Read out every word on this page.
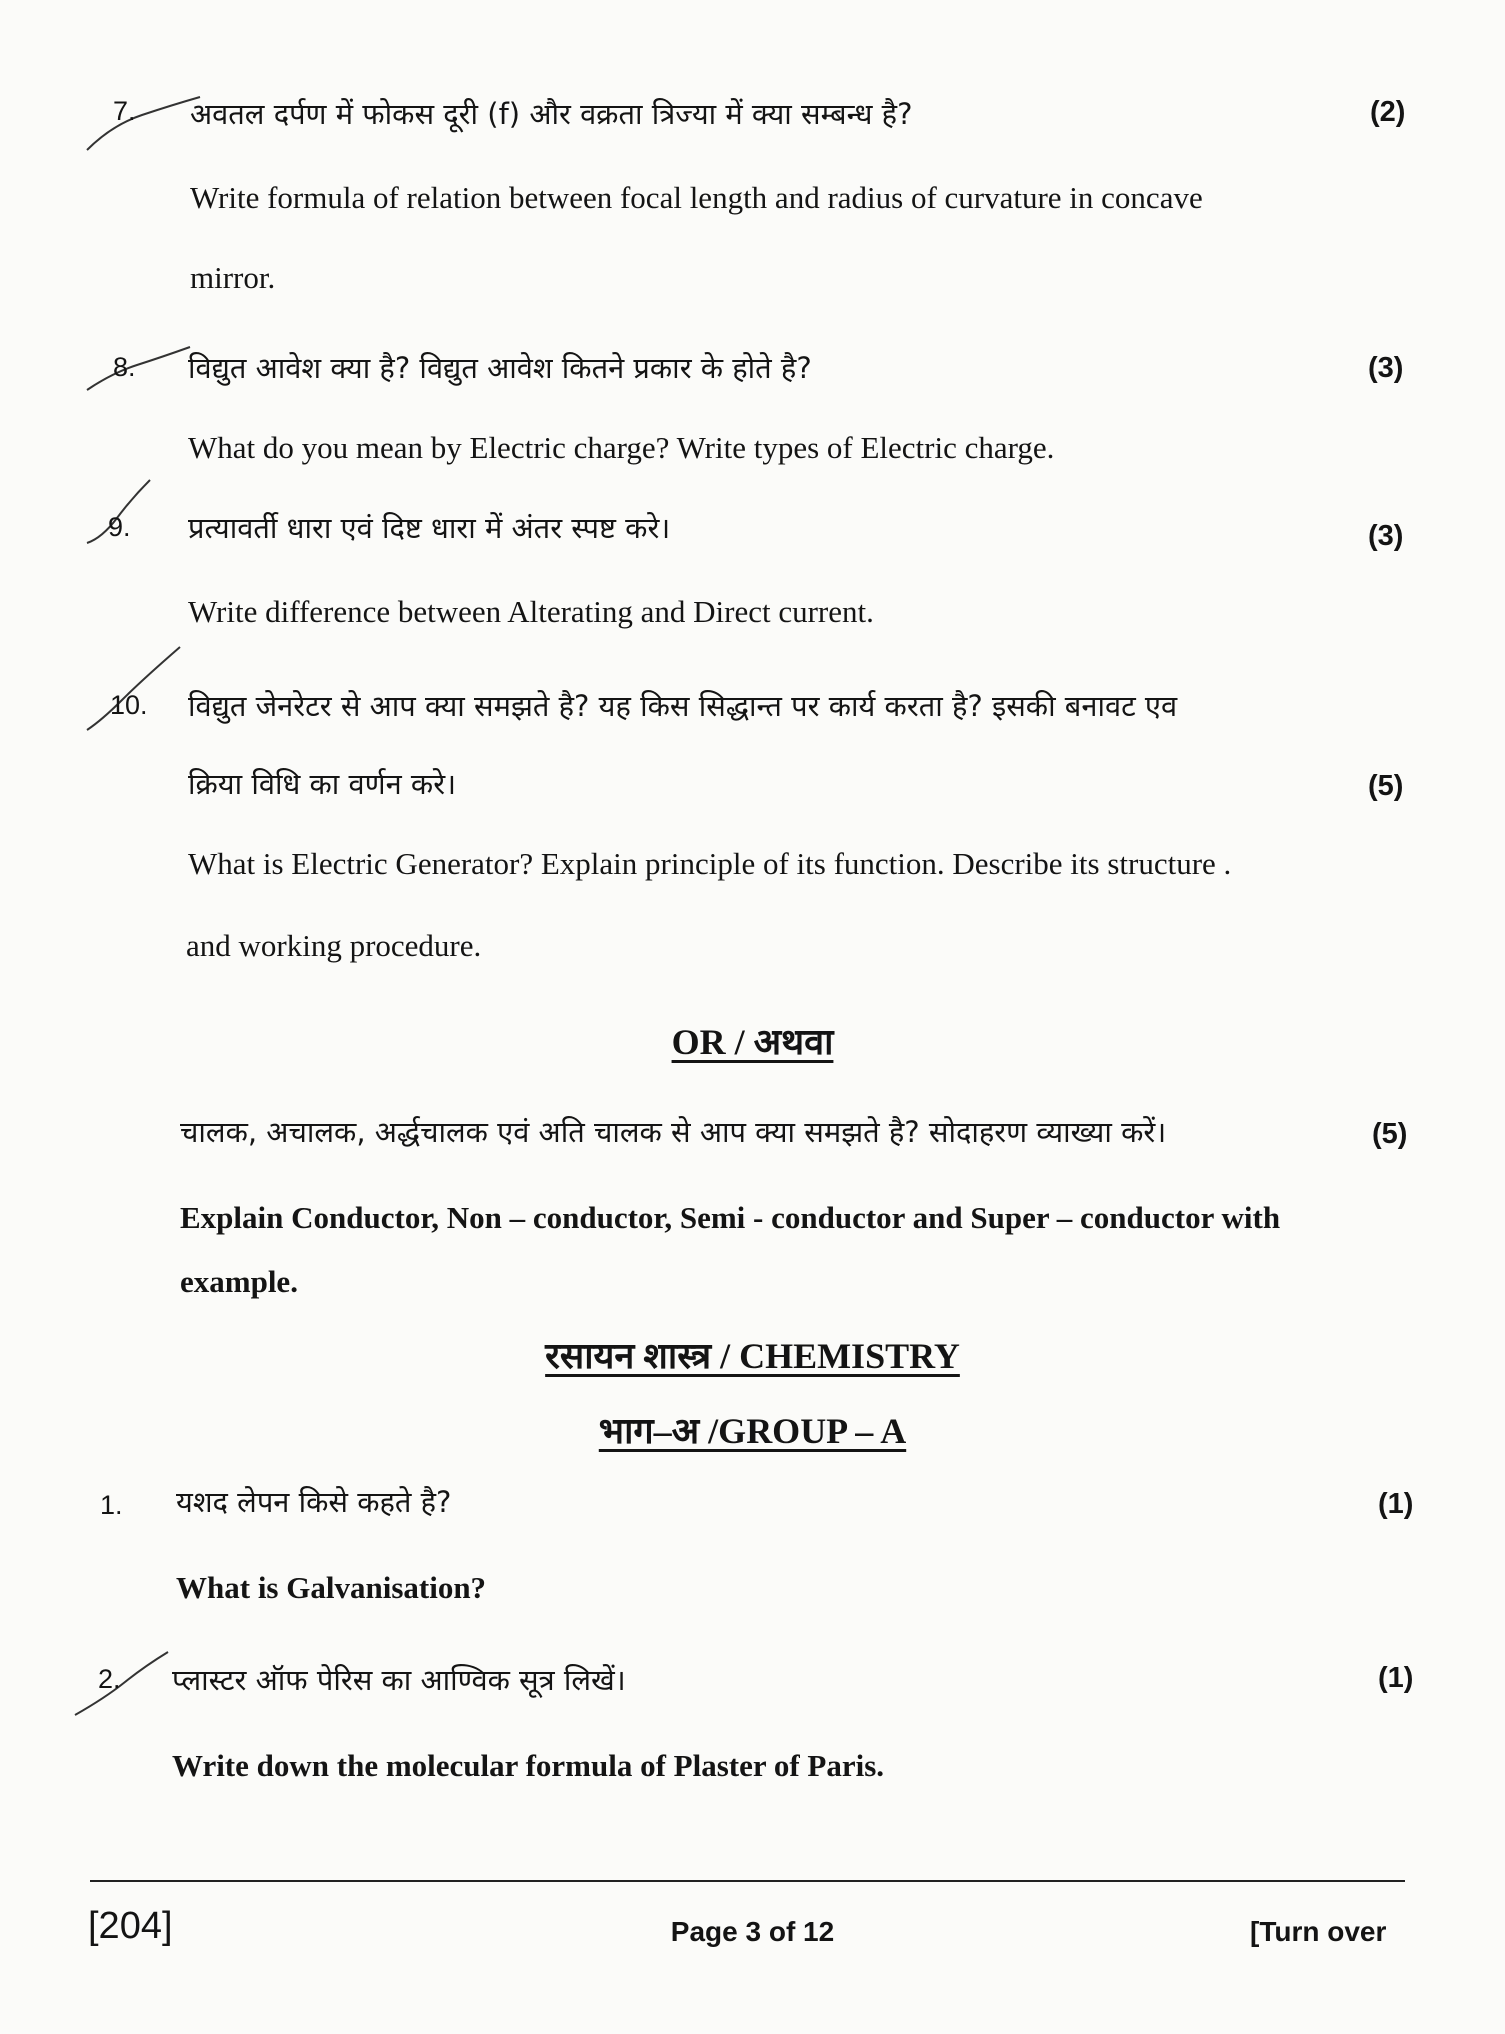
7. अवतल दर्पण में फोकस दूरी (f) और वक्रता त्रिज्या में क्या सम्बन्ध है?	(2)
Write formula of relation between focal length and radius of curvature in concave
mirror.
8. विद्युत आवेश क्या है? विद्युत आवेश कितने प्रकार के होते है?	(3)
What do you mean by Electric charge? Write types of Electric charge.
9. प्रत्यावर्ती धारा एवं दिष्ट धारा में अंतर स्पष्ट करे।	(3)
Write difference between Alterating and Direct current.
10. विद्युत जेनरेटर से आप क्या समझते है? यह किस सिद्धान्त पर कार्य करता है? इसकी बनावट एव
क्रिया विधि का वर्णन करे।	(5)
What is Electric Generator? Explain principle of its function. Describe its structure .
and working procedure.
OR / अथवा
चालक, अचालक, अर्द्धचालक एवं अति चालक से आप क्या समझते है? सोदाहरण व्याख्या करें।	(5)
Explain Conductor, Non – conductor, Semi - conductor and Super – conductor with
example.
रसायन शास्त्र / CHEMISTRY
भाग–अ /GROUP – A
1. यशद लेपन किसे कहते है?	(1)
What is Galvanisation?
2. प्लास्टर ऑफ पेरिस का आण्विक सूत्र लिखें।	(1)
Write down the molecular formula of Plaster of Paris.
[204]	Page 3 of 12	[Turn over
